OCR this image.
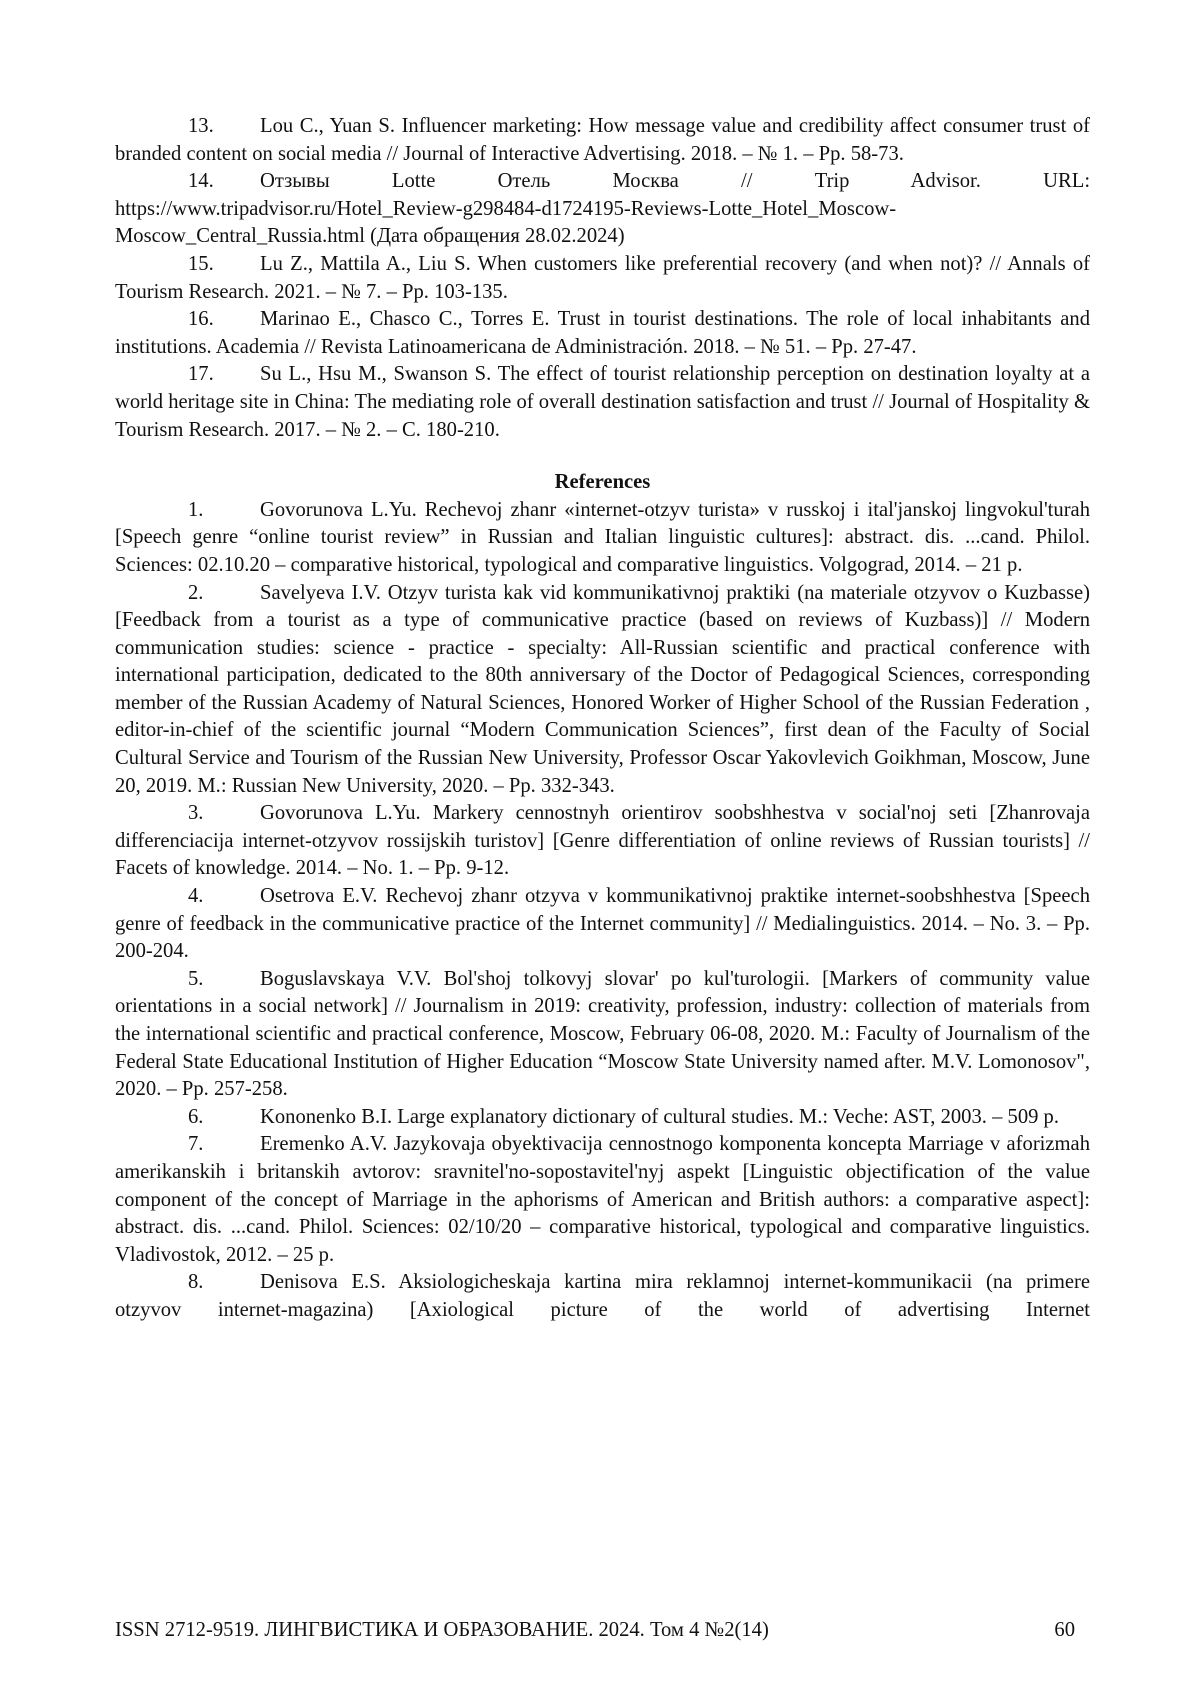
13. Lou C., Yuan S. Influencer marketing: How message value and credibility affect consumer trust of branded content on social media // Journal of Interactive Advertising. 2018. – № 1. – Pp. 58-73.

14. Отзывы	Lotte	Отель	Москва	//	Trip	Advisor.	URL:
https://www.tripadvisor.ru/Hotel_Review-g298484-d1724195-Reviews-Lotte_Hotel_Moscow-
Moscow_Central_Russia.html (Дата обращения 28.02.2024)

15. Lu Z., Mattila A., Liu S. When customers like preferential recovery (and when not)? // Annals of Tourism Research. 2021. – № 7. – Pp. 103-135.

16. Marinao E., Chasco C., Torres E. Trust in tourist destinations. The role of local inhabitants and institutions. Academia // Revista Latinoamericana de Administración. 2018. – № 51. – Pp. 27-47.

17. Su L., Hsu M., Swanson S. The effect of tourist relationship perception on destination loyalty at a world heritage site in China: The mediating role of overall destination satisfaction and trust // Journal of Hospitality & Tourism Research. 2017. – № 2. – С. 180-210.

References

1.	Govorunova L.Yu. Rechevoj zhanr «internet-otzyv turista» v russkoj i ital'janskoj lingvokul'turah [Speech genre “online tourist review” in Russian and Italian linguistic cultures]: abstract. dis. ...cand. Philol. Sciences: 02.10.20 – comparative historical, typological and comparative linguistics. Volgograd, 2014. – 21 p.

2.	Savelyeva I.V. Otzyv turista kak vid kommunikativnoj praktiki (na materiale otzyvov o Kuzbasse)[Feedback from a tourist as a type of communicative practice (based on reviews of Kuzbass)] // Modern communication studies: science - practice - specialty: All-Russian scientific and practical conference with international participation, dedicated to the 80th anniversary of the Doctor of Pedagogical Sciences, corresponding member of the Russian Academy of Natural Sciences, Honored Worker of Higher School of the Russian Federation , editor-in-chief of the scientific journal “Modern Communication Sciences”, first dean of the Faculty of Social Cultural Service and Tourism of the Russian New University, Professor Oscar Yakovlevich Goikhman, Moscow, June 20, 2019. M.: Russian New University, 2020. – Pp. 332-343.

3.	Govorunova L.Yu. Markery cennostnyh orientirov soobshhestva v social'noj seti [Zhanrovaja differenciacija internet-otzyvov rossijskih turistov] [Genre differentiation of online reviews of Russian tourists] // Facets of knowledge. 2014. – No. 1. – Pp. 9-12.

4.	Osetrova E.V. Rechevoj zhanr otzyva v kommunikativnoj praktike internet-soobshhestva [Speech genre of feedback in the communicative practice of the Internet community] // Medialinguistics. 2014. – No. 3. – Pp. 200-204.

5.	Boguslavskaya V.V. Bol'shoj tolkovyj slovar' po kul'turologii. [Markers of community value orientations in a social network] // Journalism in 2019: creativity, profession, industry: collection of materials from the international scientific and practical conference, Moscow, February 06-08, 2020. M.: Faculty of Journalism of the Federal State Educational Institution of Higher Education “Moscow State University named after. M.V. Lomonosov", 2020. – Pp. 257-258.

6.	Kononenko B.I. Large explanatory dictionary of cultural studies. M.: Veche: AST, 2003. – 509 p.

7.	Eremenko A.V. Jazykovaja obyektivacija cennostnogo komponenta koncepta Marriage v aforizmah amerikanskih i britanskih avtorov: sravnitel'no-sopostavitel'nyj aspekt [Linguistic objectification of the value component of the concept of Marriage in the aphorisms of American and British authors: a comparative aspect]: abstract. dis. ...cand. Philol. Sciences: 02/10/20 – comparative historical, typological and comparative linguistics. Vladivostok, 2012. – 25 p.

8.	Denisova E.S. Aksiologicheskaja kartina mira reklamnoj internet-kommunikacii (na primere otzyvov internet-magazina) [Axiological picture of the world of advertising Internet

ISSN 2712-9519. ЛИНГВИСТИКА И ОБРАЗОВАНИЕ. 2024. Том 4 №2(14)	60
